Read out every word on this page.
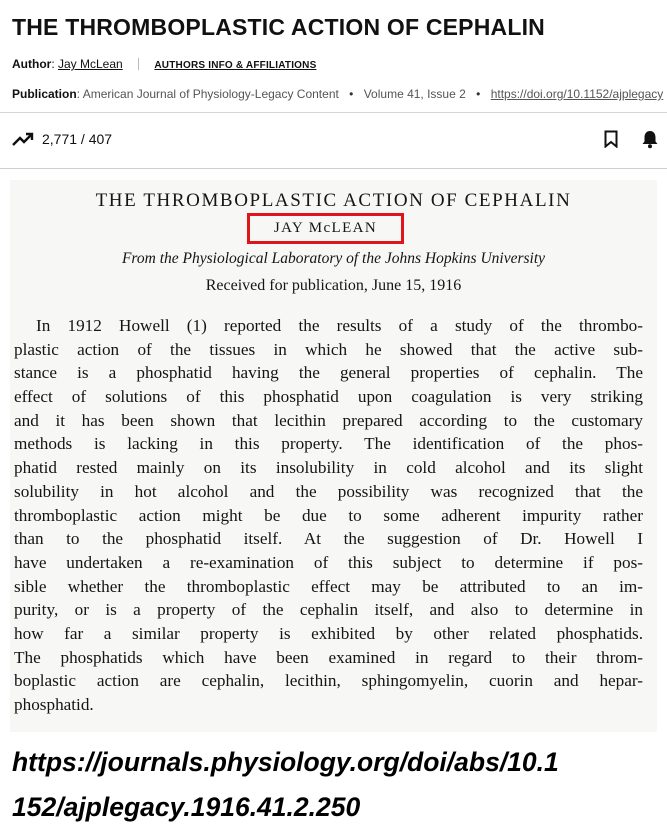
THE THROMBOPLASTIC ACTION OF CEPHALIN
Author: Jay McLean	AUTHORS INFO & AFFILIATIONS
Publication: American Journal of Physiology-Legacy Content • Volume 41, Issue 2 • https://doi.org/10.1152/ajplegacy
2,771 / 407
THE THROMBOPLASTIC ACTION OF CEPHALIN
JAY McLEAN
From the Physiological Laboratory of the Johns Hopkins University
Received for publication, June 15, 1916
In 1912 Howell (1) reported the results of a study of the thrombo-
plastic action of the tissues in which he showed that the active sub-
stance is a phosphatid having the general properties of cephalin. The
effect of solutions of this phosphatid upon coagulation is very striking
and it has been shown that lecithin prepared according to the customary
methods is lacking in this property. The identification of the phos-
phatid rested mainly on its insolubility in cold alcohol and its slight
solubility in hot alcohol and the possibility was recognized that the
thromboplastic action might be due to some adherent impurity rather
than to the phosphatid itself. At the suggestion of Dr. Howell I
have undertaken a re-examination of this subject to determine if pos-
sible whether the thromboplastic effect may be attributed to an im-
purity, or is a property of the cephalin itself, and also to determine in
how far a similar property is exhibited by other related phosphatids.
The phosphatids which have been examined in regard to their throm-
boplastic action are cephalin, lecithin, sphingomyelin, cuorin and hepar-
phosphatid.
https://journals.physiology.org/doi/abs/10.1
152/ajplegacy.1916.41.2.250
